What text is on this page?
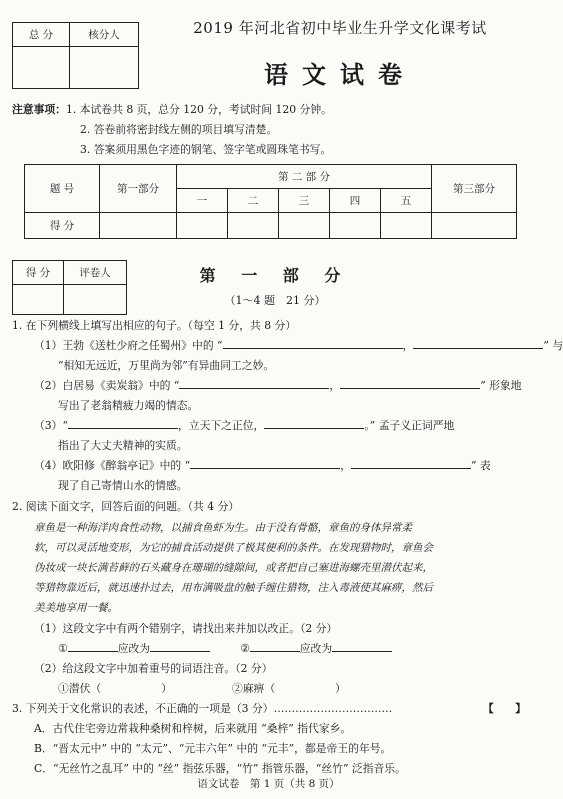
总 分	核分人
		2019 年河北省初中毕业生升学文化课考试
语文试卷
注意事项：1. 本试卷共 8 页，总分 120 分，考试时间 120 分钟。
2. 答卷前将密封线左侧的项目填写清楚。
3. 答案须用黑色字迹的钢笔、签字笔或圆珠笔书写。
题 号	第一部分	第 二 部 分					第三部分
		一	二	三	四	五	
得 分							
得 分	评卷人
		第 一 部 分
（1～4 题　21 分）
1. 在下列横线上填写出相应的句子。（每空 1 分，共 8 分）
（1）王勃《送杜少府之任蜀州》中的 “	，	” 与
“相知无远近，万里尚为邻”有异曲同工之妙。
（2）白居易《卖炭翁》中的 “	，	” 形象地
写出了老翁精疲力竭的情态。
（3）“	，立天下之正位，	。” 孟子义正词严地
指出了大丈夫精神的实质。
（4）欧阳修《醉翁亭记》中的 “	，	” 表
现了自己寄情山水的情感。
2. 阅读下面文字，回答后面的问题。（共 4 分）
章鱼是一种海洋肉食性动物，以捕食鱼虾为生。由于没有骨骼，章鱼的身体异常柔
软，可以灵活地变形，为它的捕食活动提供了极其便利的条件。在发现猎物时，章鱼会
伪妆成一块长满苔藓的石头藏身在珊瑚的缝隙间，或者把自己塞进海螺壳里潜伏起来，
等猎物靠近后，就迅速扑过去，用布满吸盘的触手缠住猎物，注入毒液使其麻痹，然后
美美地享用一餐。
（1）这段文字中有两个错别字，请找出来并加以改正。（2 分）
①	应改为	②	应改为
（2）给这段文字中加着重号的词语注音。（2 分）
①潜伏（	）	②麻痹（	）
3. 下列关于文化常识的表述，不正确的一项是（3 分）……………………………	【　　】
A．古代住宅旁边常栽种桑树和梓树，后来就用 “桑梓” 指代家乡。
B．“晋太元中” 中的 “太元”、“元丰六年” 中的 “元丰”，都是帝王的年号。
C．“无丝竹之乱耳” 中的 “丝” 指弦乐器，“竹” 指管乐器，“丝竹” 泛指音乐。
语文试卷　第 1 页（共 8 页）
